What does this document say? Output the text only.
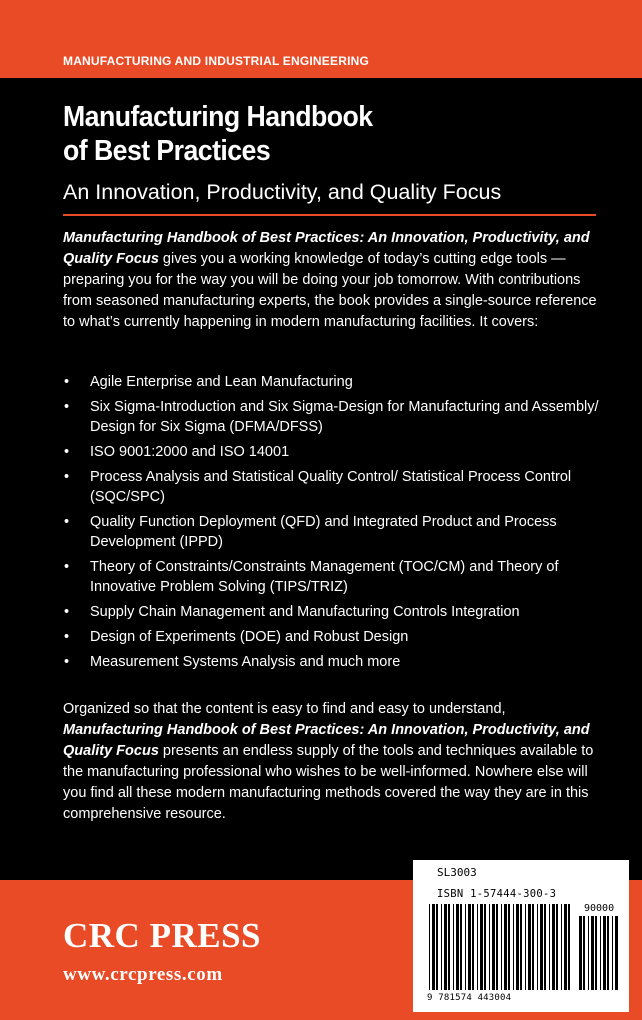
MANUFACTURING AND INDUSTRIAL ENGINEERING
Manufacturing Handbook
of Best Practices
An Innovation, Productivity, and Quality Focus
Manufacturing Handbook of Best Practices: An Innovation, Productivity, and Quality Focus gives you a working knowledge of today’s cutting edge tools — preparing you for the way you will be doing your job tomorrow. With contributions from seasoned manufacturing experts, the book provides a single-source reference to what’s currently happening in modern manufacturing facilities. It covers:
• Agile Enterprise and Lean Manufacturing
• Six Sigma-Introduction and Six Sigma-Design for Manufacturing and Assembly/ Design for Six Sigma (DFMA/DFSS)
• ISO 9001:2000 and ISO 14001
• Process Analysis and Statistical Quality Control/ Statistical Process Control (SQC/SPC)
• Quality Function Deployment (QFD) and Integrated Product and Process Development (IPPD)
• Theory of Constraints/Constraints Management (TOC/CM) and Theory of Innovative Problem Solving (TIPS/TRIZ)
• Supply Chain Management and Manufacturing Controls Integration
• Design of Experiments (DOE) and Robust Design
• Measurement Systems Analysis and much more
Organized so that the content is easy to find and easy to understand, Manufacturing Handbook of Best Practices: An Innovation, Productivity, and Quality Focus presents an endless supply of the tools and techniques available to the manufacturing professional who wishes to be well-informed. Nowhere else will you find all these modern manufacturing methods covered the way they are in this comprehensive resource.
CRC PRESS
www.crcpress.com
SL3003
ISBN 1-57444-300-3
90000
9 781574 443004
